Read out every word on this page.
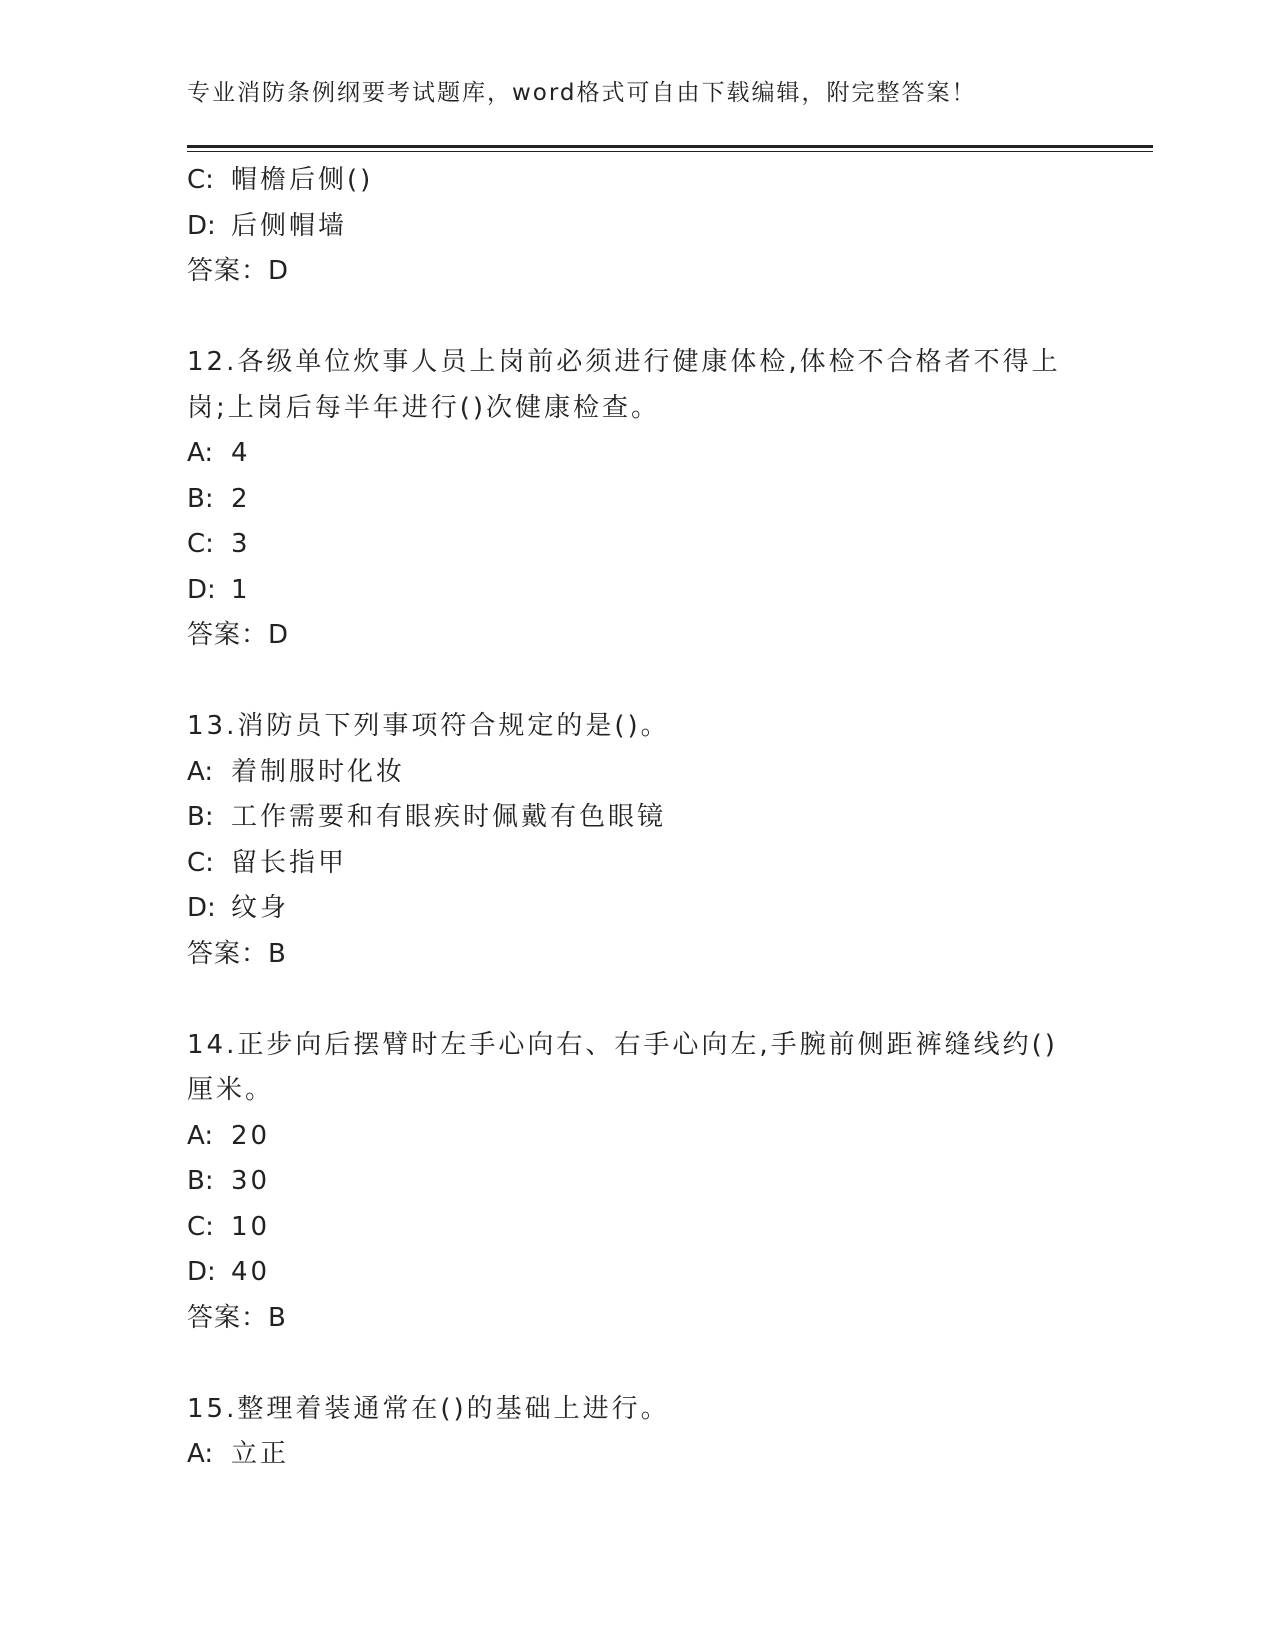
专业消防条例纲要考试题库，word格式可自由下载编辑，附完整答案！
C: 帽檐后侧()
D: 后侧帽墙
答案：D
12.各级单位炊事人员上岗前必须进行健康体检,体检不合格者不得上
岗;上岗后每半年进行()次健康检查。
A: 4
B: 2
C: 3
D: 1
答案：D
13.消防员下列事项符合规定的是()。
A: 着制服时化妆
B: 工作需要和有眼疾时佩戴有色眼镜
C: 留长指甲
D: 纹身
答案：B
14.正步向后摆臂时左手心向右、右手心向左,手腕前侧距裤缝线约()
厘米。
A: 20
B: 30
C: 10
D: 40
答案：B
15.整理着装通常在()的基础上进行。
A: 立正
